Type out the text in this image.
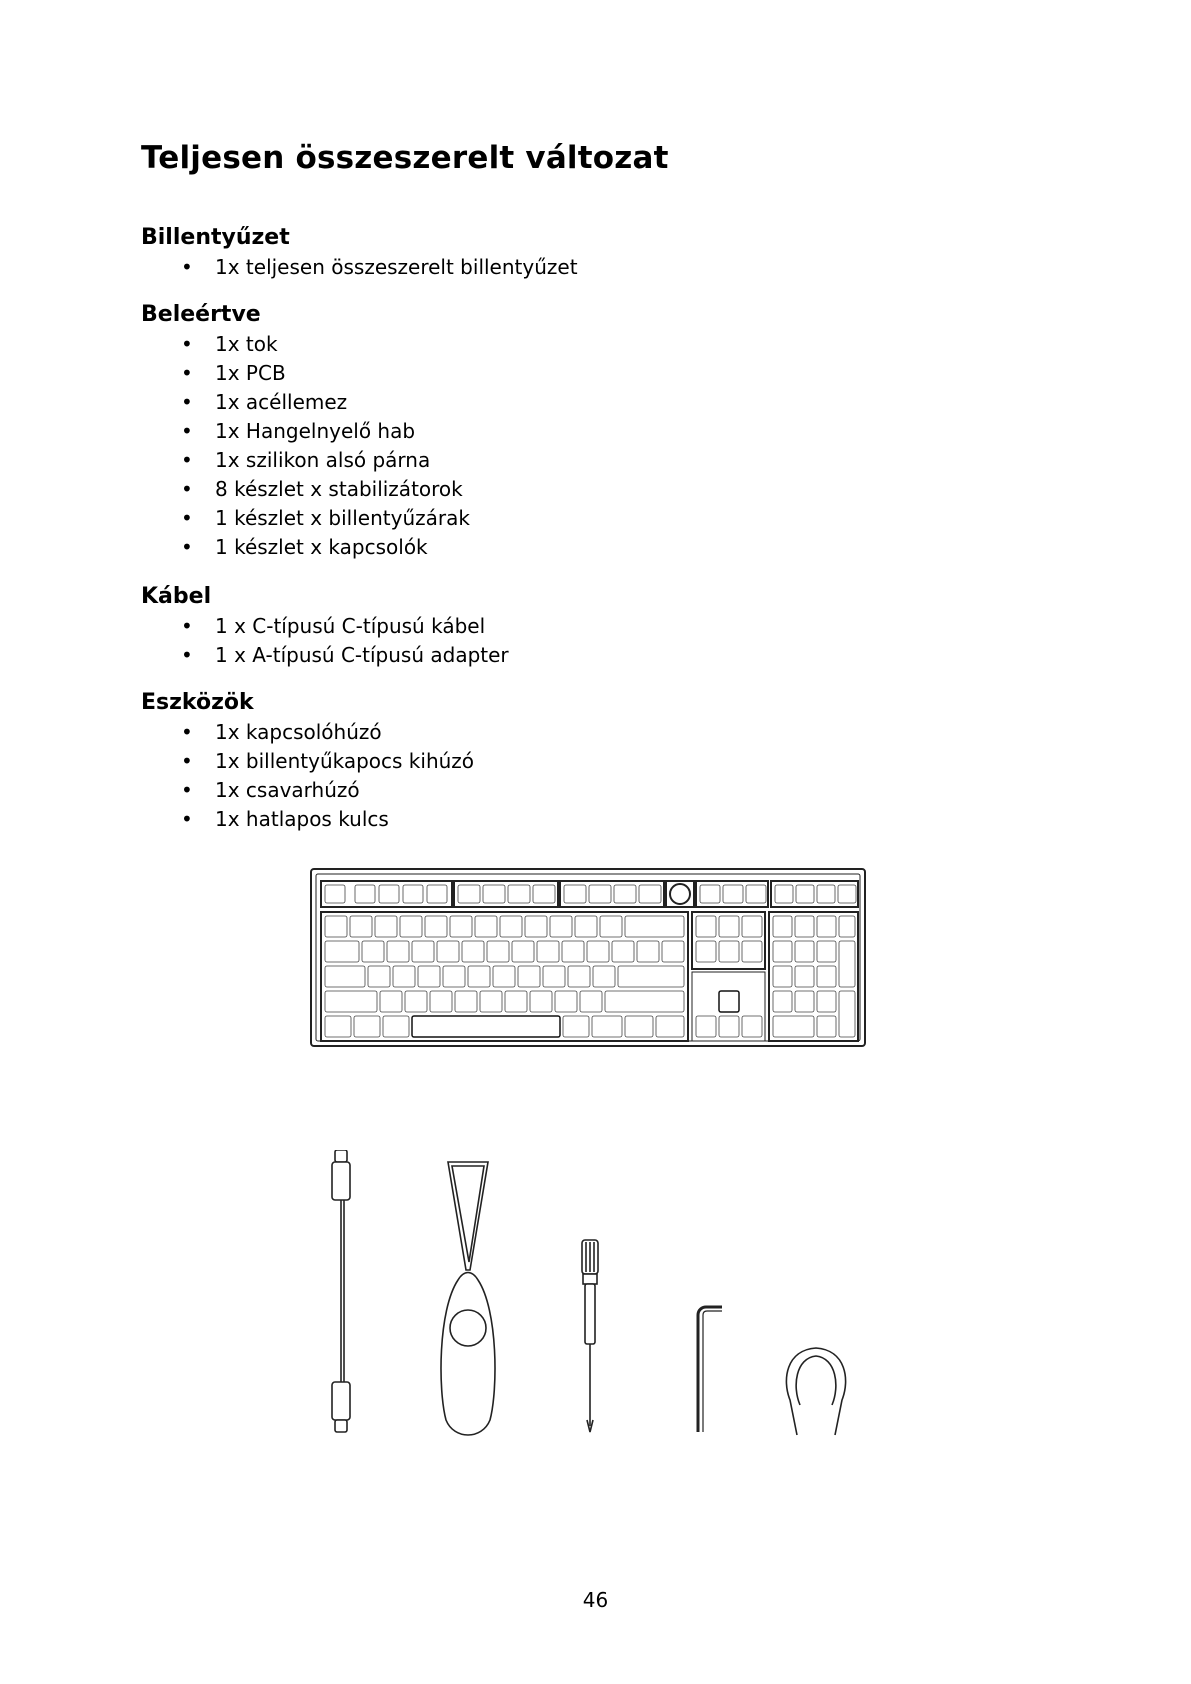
Teljesen összeszerelt változat
Billentyűzet
• 1x teljesen összeszerelt billentyűzet
Beleértve
• 1x tok
• 1x PCB
• 1x acéllemez
• 1x Hangelnyelő hab
• 1x szilikon alsó párna
• 8 készlet x stabilizátorok
• 1 készlet x billentyűzárak
• 1 készlet x kapcsolók
Kábel
• 1 x C-típusú C-típusú kábel
• 1 x A-típusú C-típusú adapter
Eszközök
• 1x kapcsolóhúzó
• 1x billentyűkapocs kihúzó
• 1x csavarhúzó
• 1x hatlapos kulcs
46
